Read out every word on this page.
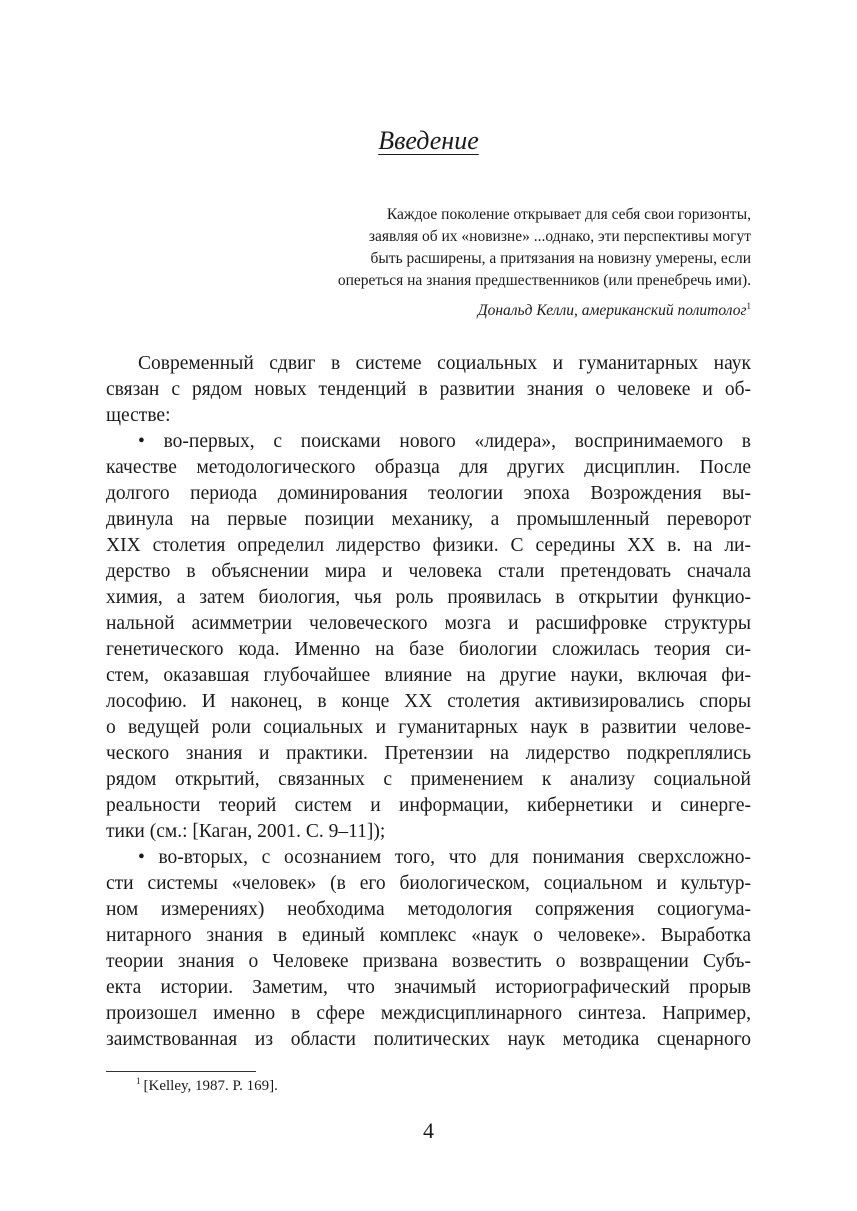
Введение
Каждое поколение открывает для себя свои горизонты,
заявляя об их «новизне» ...однако, эти перспективы могут
быть расширены, а притязания на новизну умерены, если
опереться на знания предшественников (или пренебречь ими).
Дональд Келли, американский политолог$^1$
Современный сдвиг в системе социальных и гуманитарных наук
связан с рядом новых тенденций в развитии знания о человеке и об-
ществе:
• во-первых, с поисками нового «лидера», воспринимаемого в
качестве методологического образца для других дисциплин. После
долгого периода доминирования теологии эпоха Возрождения вы-
двинула на первые позиции механику, а промышленный переворот
XIX столетия определил лидерство физики. С середины XX в. на ли-
дерство в объяснении мира и человека стали претендовать сначала
химия, а затем биология, чья роль проявилась в открытии функцио-
нальной асимметрии человеческого мозга и расшифровке структуры
генетического кода. Именно на базе биологии сложилась теория си-
стем, оказавшая глубочайшее влияние на другие науки, включая фи-
лософию. И наконец, в конце XX столетия активизировались споры
о ведущей роли социальных и гуманитарных наук в развитии челове-
ческого знания и практики. Претензии на лидерство подкреплялись
рядом открытий, связанных с применением к анализу социальной
реальности теорий систем и информации, кибернетики и синерге-
тики (см.: [Каган, 2001. С. 9–11]);
• во-вторых, с осознанием того, что для понимания сверхсложно-
сти системы «человек» (в его биологическом, социальном и культур-
ном измерениях) необходима методология сопряжения социогума-
нитарного знания в единый комплекс «наук о человеке». Выработка
теории знания о Человеке призвана возвестить о возвращении Субъ-
екта истории. Заметим, что значимый историографический прорыв
произошел именно в сфере междисциплинарного синтеза. Например,
заимствованная из области политических наук методика сценарного
$^1$ [Kelley, 1987. P. 169].
4
